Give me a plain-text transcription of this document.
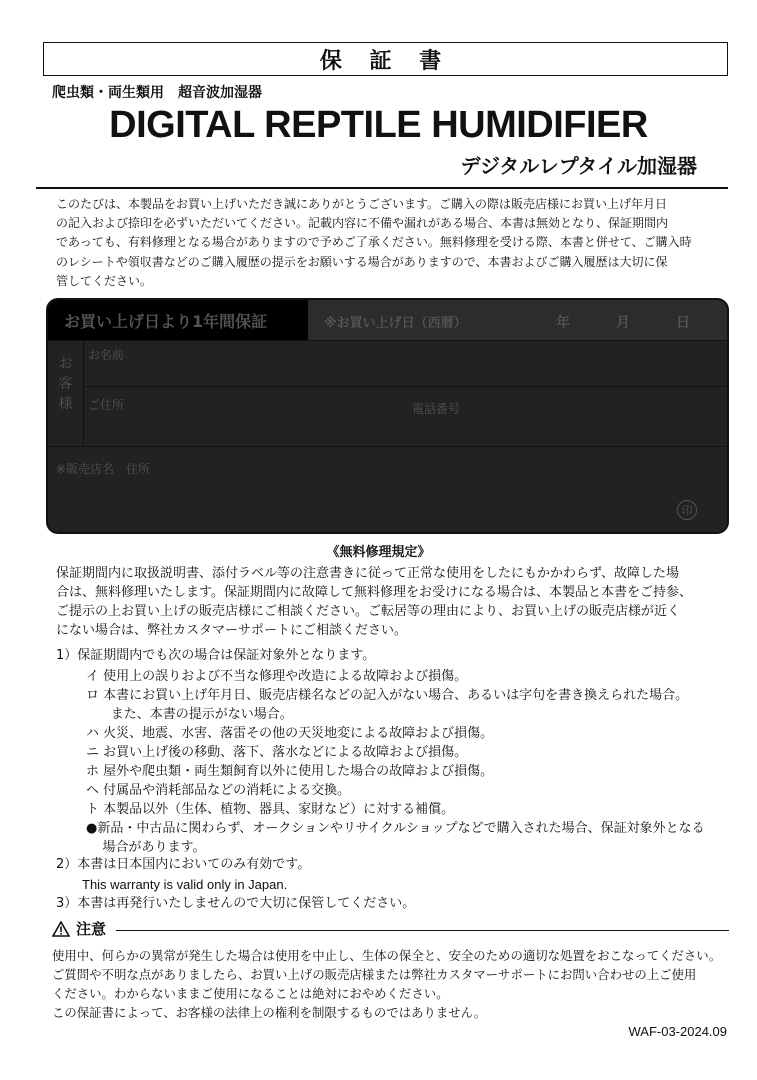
保 証 書
爬虫類・両生類用　超音波加湿器
DIGITAL REPTILE HUMIDIFIER
デジタルレプタイル加湿器
このたびは、本製品をお買い上げいただき誠にありがとうございます。ご購入の際は販売店様にお買い上げ年月日
の記入および捺印を必ずいただいてください。記載内容に不備や漏れがある場合、本書は無効となり、保証期間内
であっても、有料修理となる場合がありますので予めご了承ください。無料修理を受ける際、本書と併せて、ご購入時
のレシートや領収書などのご購入履歴の提示をお願いする場合がありますので、本書およびご購入履歴は大切に保
管してください。
お買い上げ日より1年間保証	※お買い上げ日（西暦）	年	月	日
お
客
様
お名前
ご住所	電話番号
※販売店名　住所
印
《無料修理規定》
保証期間内に取扱説明書、添付ラベル等の注意書きに従って正常な使用をしたにもかかわらず、故障した場
合は、無料修理いたします。保証期間内に故障して無料修理をお受けになる場合は、本製品と本書をご持参、
ご提示の上お買い上げの販売店様にご相談ください。ご転居等の理由により、お買い上げの販売店様が近く
にない場合は、弊社カスタマーサポートにご相談ください。
1）保証期間内でも次の場合は保証対象外となります。
イ 使用上の誤りおよび不当な修理や改造による故障および損傷。
ロ 本書にお買い上げ年月日、販売店様名などの記入がない場合、あるいは字句を書き換えられた場合。
また、本書の提示がない場合。
ハ 火災、地震、水害、落雷その他の天災地変による故障および損傷。
ニ お買い上げ後の移動、落下、落水などによる故障および損傷。
ホ 屋外や爬虫類・両生類飼育以外に使用した場合の故障および損傷。
ヘ 付属品や消耗部品などの消耗による交換。
ト 本製品以外（生体、植物、器具、家財など）に対する補償。
●新品・中古品に関わらず、オークションやリサイクルショップなどで購入された場合、保証対象外となる
場合があります。
2）本書は日本国内においてのみ有効です。
This warranty is valid only in Japan.
3）本書は再発行いたしませんので大切に保管してください。
注意
使用中、何らかの異常が発生した場合は使用を中止し、生体の保全と、安全のための適切な処置をおこなってください。
ご質問や不明な点がありましたら、お買い上げの販売店様または弊社カスタマーサポートにお問い合わせの上ご使用
ください。わからないままご使用になることは絶対におやめください。
この保証書によって、お客様の法律上の権利を制限するものではありません。
WAF-03-2024.09
